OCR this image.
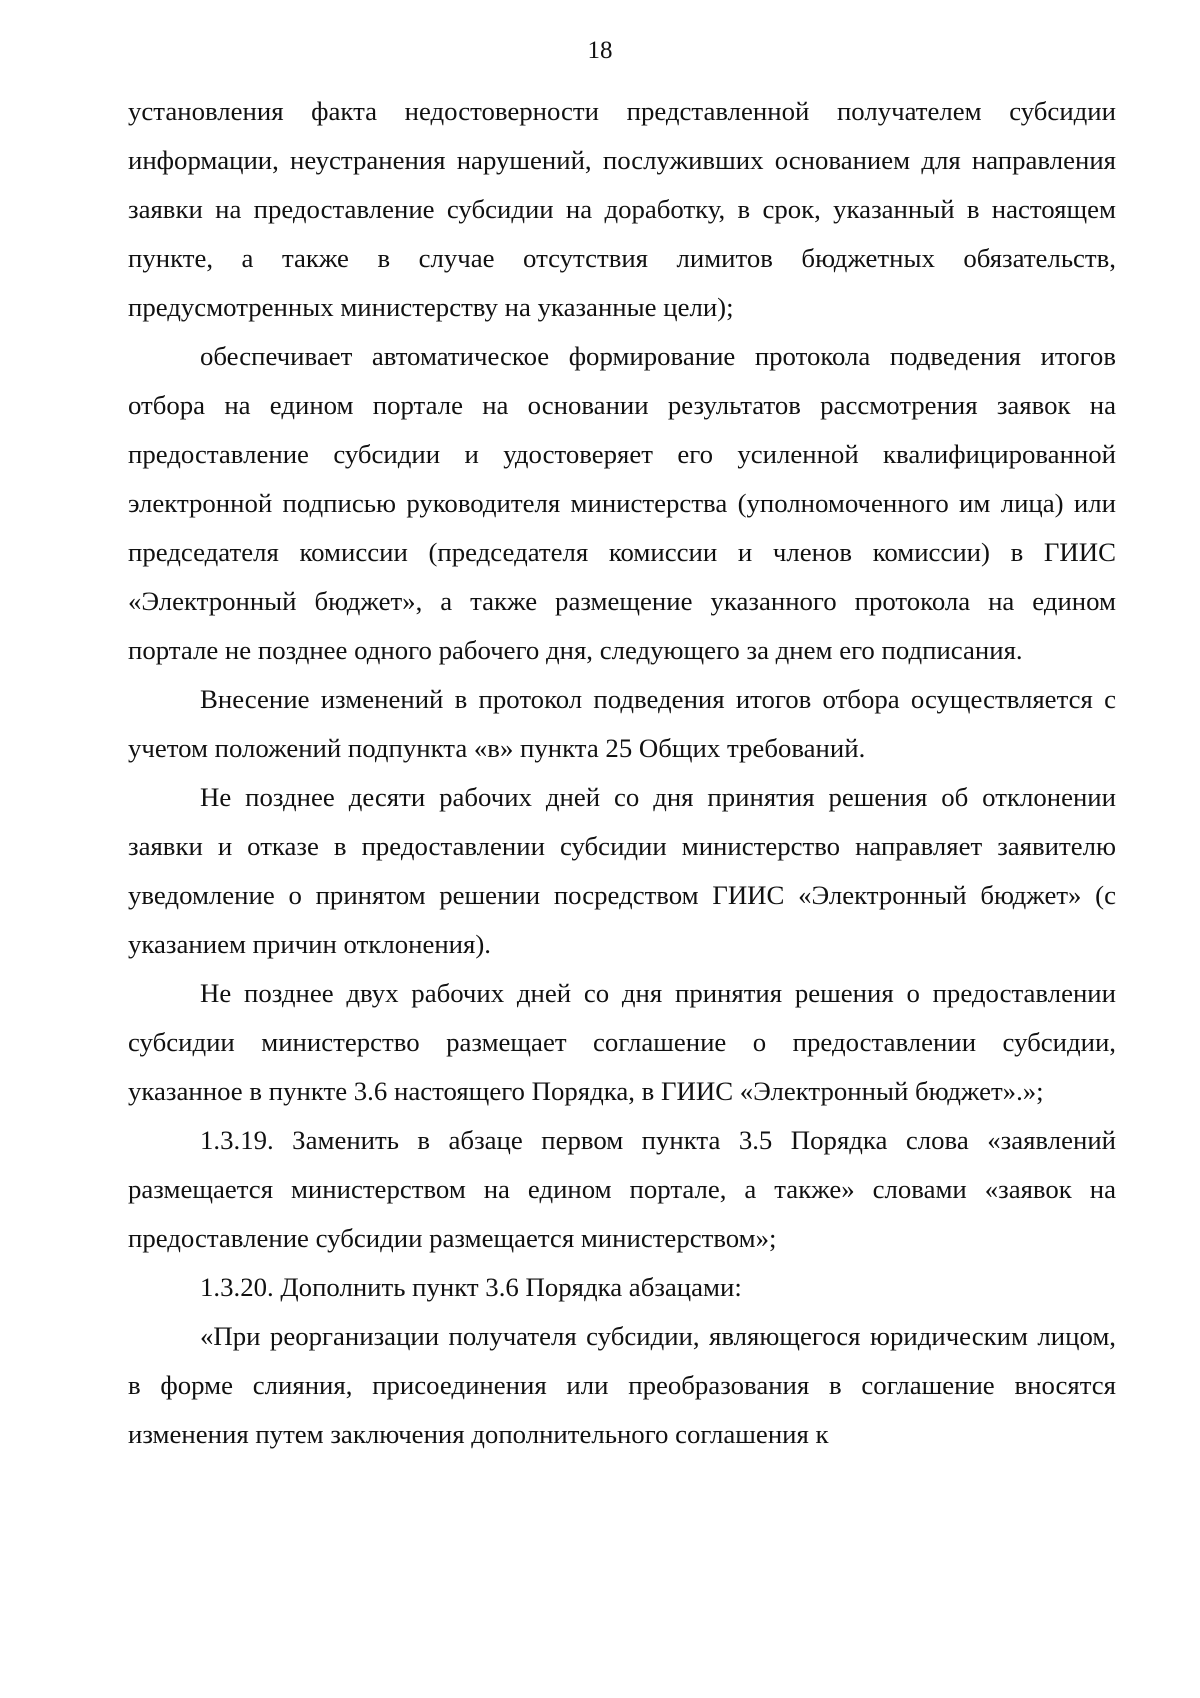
18

установления факта недостоверности представленной получателем субсидии информации, неустранения нарушений, послуживших основанием для направления заявки на предоставление субсидии на доработку, в срок, указанный в настоящем пункте, а также в случае отсутствия лимитов бюджетных обязательств, предусмотренных министерству на указанные цели);

обеспечивает автоматическое формирование протокола подведения итогов отбора на едином портале на основании результатов рассмотрения заявок на предоставление субсидии и удостоверяет его усиленной квалифицированной электронной подписью руководителя министерства (уполномоченного им лица) или председателя комиссии (председателя комиссии и членов комиссии) в ГИИС «Электронный бюджет», а также размещение указанного протокола на едином портале не позднее одного рабочего дня, следующего за днем его подписания.

Внесение изменений в протокол подведения итогов отбора осуществляется с учетом положений подпункта «в» пункта 25 Общих требований.

Не позднее десяти рабочих дней со дня принятия решения об отклонении заявки и отказе в предоставлении субсидии министерство направляет заявителю уведомление о принятом решении посредством ГИИС «Электронный бюджет» (с указанием причин отклонения).

Не позднее двух рабочих дней со дня принятия решения о предоставлении субсидии министерство размещает соглашение о предоставлении субсидии, указанное в пункте 3.6 настоящего Порядка, в ГИИС «Электронный бюджет».»;

1.3.19. Заменить в абзаце первом пункта 3.5 Порядка слова «заявлений размещается министерством на едином портале, а также» словами «заявок на предоставление субсидии размещается министерством»;

1.3.20. Дополнить пункт 3.6 Порядка абзацами:

«При реорганизации получателя субсидии, являющегося юридическим лицом, в форме слияния, присоединения или преобразования в соглашение вносятся изменения путем заключения дополнительного соглашения к
